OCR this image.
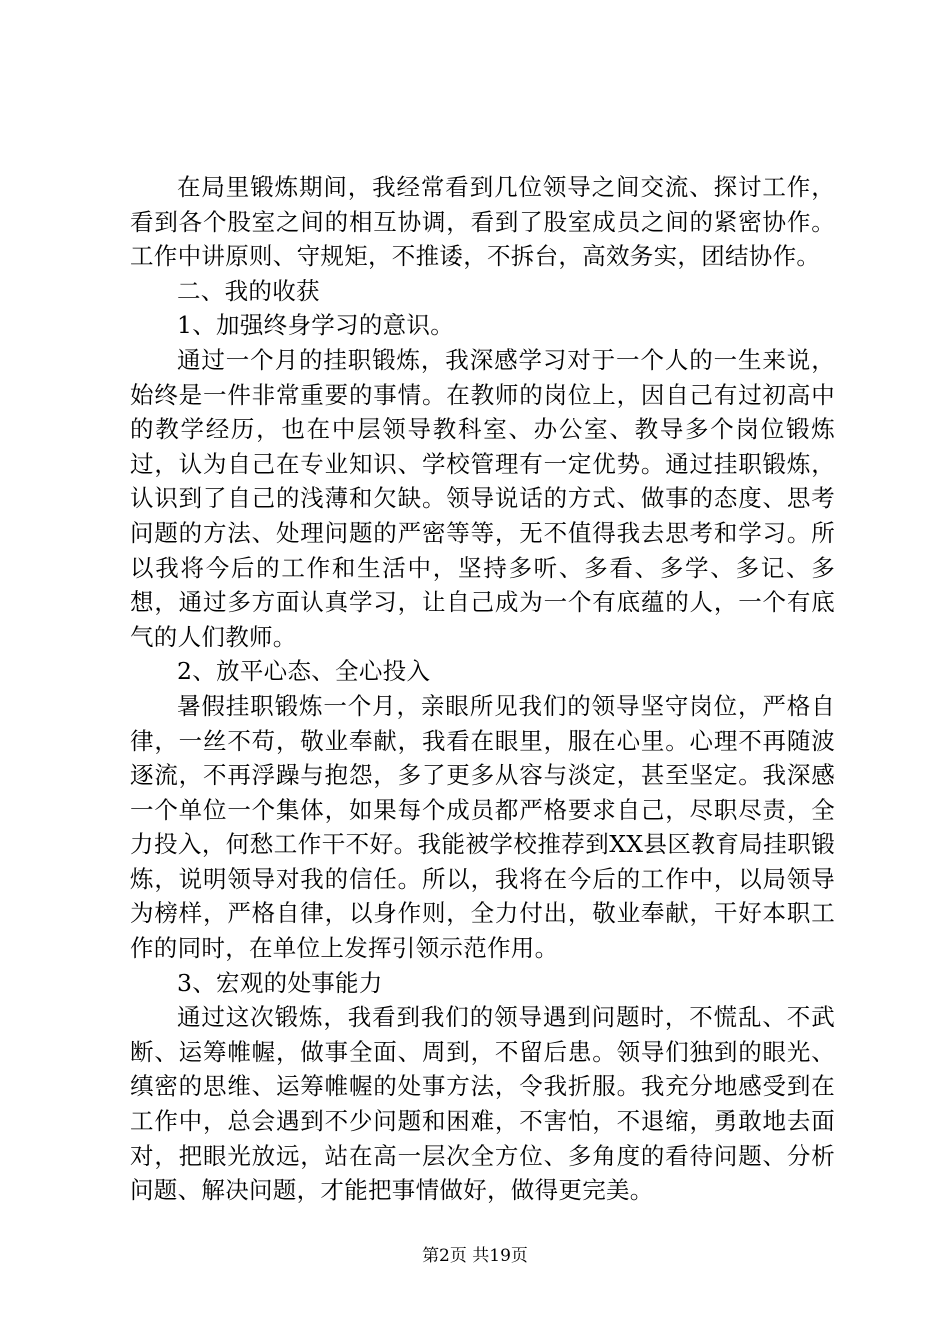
在局里锻炼期间，我经常看到几位领导之间交流、探讨工作，看到各个股室之间的相互协调，看到了股室成员之间的紧密协作。工作中讲原则、守规矩，不推诿，不拆台，高效务实，团结协作。

二、我的收获

1、加强终身学习的意识。

通过一个月的挂职锻炼，我深感学习对于一个人的一生来说，始终是一件非常重要的事情。在教师的岗位上，因自己有过初高中的教学经历，也在中层领导教科室、办公室、教导多个岗位锻炼过，认为自己在专业知识、学校管理有一定优势。通过挂职锻炼，认识到了自己的浅薄和欠缺。领导说话的方式、做事的态度、思考问题的方法、处理问题的严密等等，无不值得我去思考和学习。所以我将今后的工作和生活中，坚持多听、多看、多学、多记、多想，通过多方面认真学习，让自己成为一个有底蕴的人，一个有底气的人们教师。

2、放平心态、全心投入

暑假挂职锻炼一个月，亲眼所见我们的领导坚守岗位，严格自律，一丝不苟，敬业奉献，我看在眼里，服在心里。心理不再随波逐流，不再浮躁与抱怨，多了更多从容与淡定，甚至坚定。我深感一个单位一个集体，如果每个成员都严格要求自己，尽职尽责，全力投入，何愁工作干不好。我能被学校推荐到XX县区教育局挂职锻炼，说明领导对我的信任。所以，我将在今后的工作中，以局领导为榜样，严格自律，以身作则，全力付出，敬业奉献，干好本职工作的同时，在单位上发挥引领示范作用。

3、宏观的处事能力

通过这次锻炼，我看到我们的领导遇到问题时，不慌乱、不武断、运筹帷幄，做事全面、周到，不留后患。领导们独到的眼光、缜密的思维、运筹帷幄的处事方法，令我折服。我充分地感受到在工作中，总会遇到不少问题和困难，不害怕，不退缩，勇敢地去面对，把眼光放远，站在高一层次全方位、多角度的看待问题、分析问题、解决问题，才能把事情做好，做得更完美。

第2页 共19页
